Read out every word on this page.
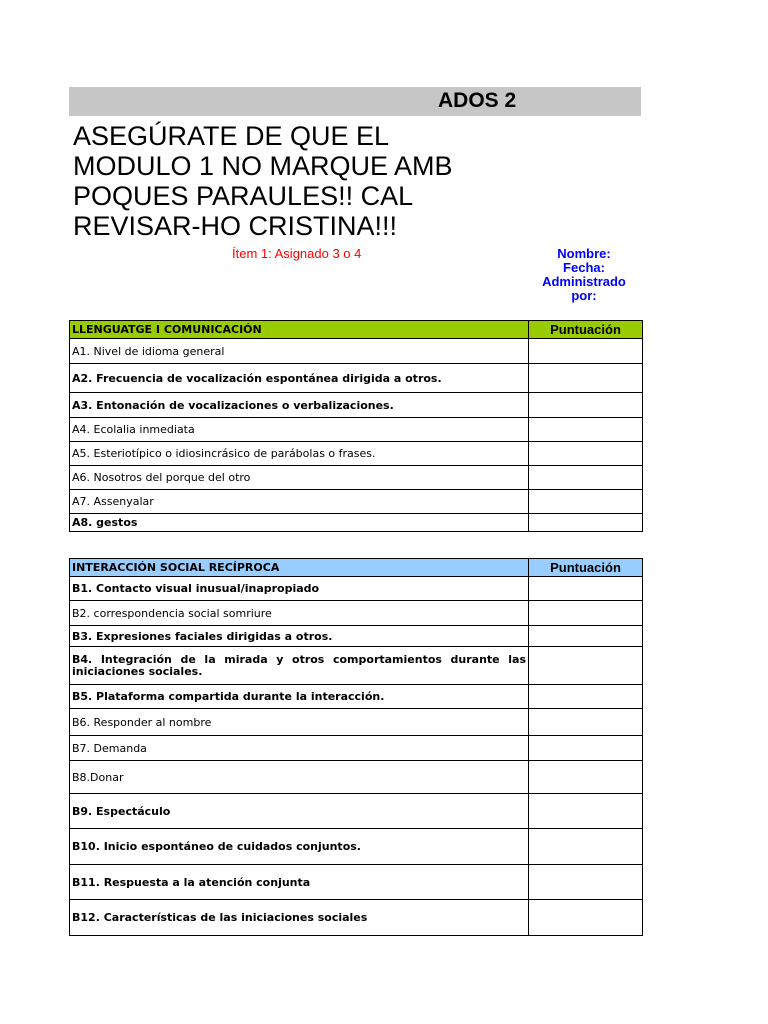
ADOS 2
ASEGÚRATE DE QUE EL
MODULO 1 NO MARQUE AMB
POQUES PARAULES!! CAL
REVISAR-HO CRISTINA!!!
Ítem 1: Asignado 3 o 4	Nombre:
Fecha:
Administrado
por:
LLENGUATGE I COMUNICACIÓN	Puntuación
A1. Nivel de idioma general	
A2. Frecuencia de vocalización espontánea dirigida a otros.	
A3. Entonación de vocalizaciones o verbalizaciones.	
A4. Ecolalia inmediata	
A5. Esteriotípico o idiosincrásico de parábolas o frases.	
A6. Nosotros del porque del otro	
A7. Assenyalar	
A8. gestos	
INTERACCIÓN SOCIAL RECÍPROCA	Puntuación
B1. Contacto visual inusual/inapropiado	
B2. correspondencia social somriure	
B3. Expresiones faciales dirigidas a otros.	
B4. Integración de la mirada y otros comportamientos durante las iniciaciones sociales.	
B5. Plataforma compartida durante la interacción.	
B6. Responder al nombre	
B7. Demanda	
B8.Donar	
B9. Espectáculo	
B10. Inicio espontáneo de cuidados conjuntos.	
B11. Respuesta a la atención conjunta	
B12. Características de las iniciaciones sociales	
